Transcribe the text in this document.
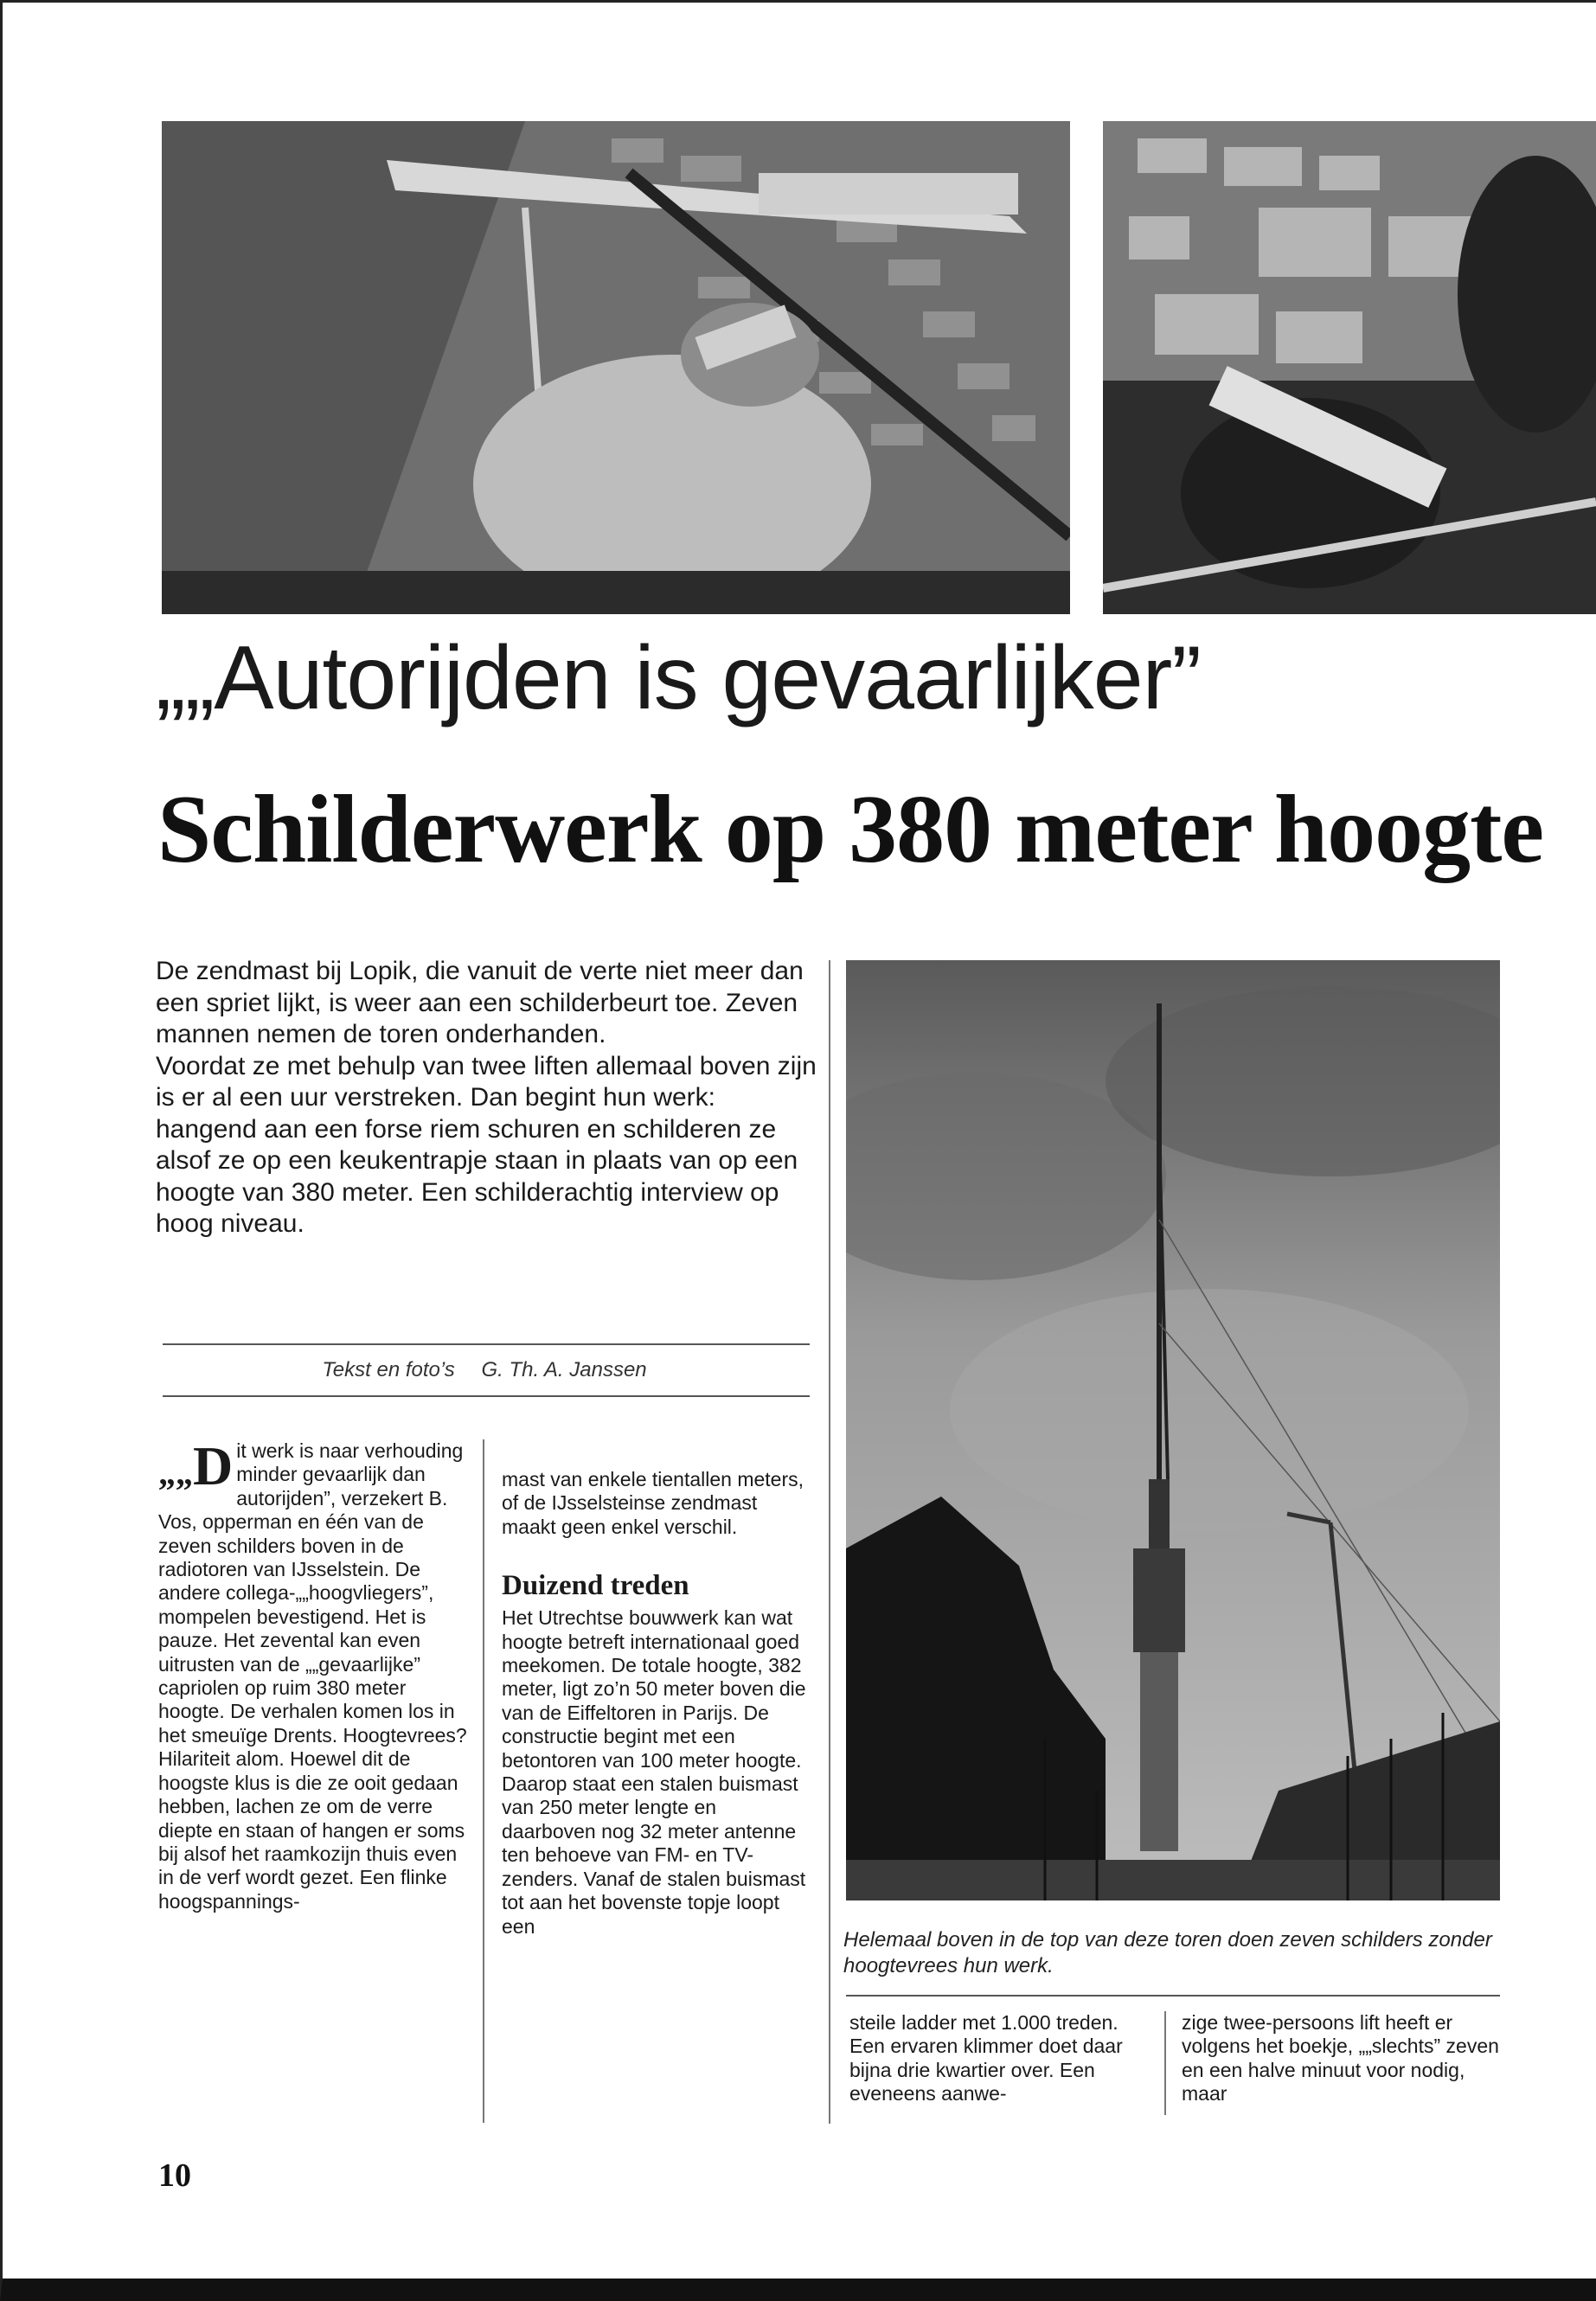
„„Autorijden is gevaarlijker”
Schilderwerk op 380 meter hoogte

De zendmast bij Lopik, die vanuit de verte niet meer dan een spriet lijkt, is weer aan een schilderbeurt toe. Zeven mannen nemen de toren onderhanden.

Voordat ze met behulp van twee liften allemaal boven zijn is er al een uur verstreken. Dan begint hun werk: hangend aan een forse riem schuren en schilderen ze alsof ze op een keukentrapje staan in plaats van op een hoogte van 380 meter. Een schilderachtig interview op hoog niveau.

Tekst en foto’s G. Th. A. Janssen

„„D it werk is naar verhouding minder gevaarlijk dan autorijden”, verzekert B. Vos, opperman en één van de zeven schilders boven in de radiotoren van IJsselstein. De andere collega-„„hoogvliegers”, mompelen bevestigend. Het is pauze. Het zevental kan even uitrusten van de „„gevaarlijke” capriolen op ruim 380 meter hoogte. De verhalen komen los in het smeuïge Drents. Hoogtevrees? Hilariteit alom. Hoewel dit de hoogste klus is die ze ooit gedaan hebben, lachen ze om de verre diepte en staan of hangen er soms bij alsof het raamkozijn thuis even in de verf wordt gezet. Een flinke hoogspannings-

mast van enkele tientallen meters, of de IJsselsteinse zendmast maakt geen enkel verschil.

Duizend treden

Het Utrechtse bouwwerk kan wat hoogte betreft internationaal goed meekomen. De totale hoogte, 382 meter, ligt zo’n 50 meter boven die van de Eiffeltoren in Parijs. De constructie begint met een betontoren van 100 meter hoogte. Daarop staat een stalen buismast van 250 meter lengte en daarboven nog 32 meter antenne ten behoeve van FM- en TV-zenders. Vanaf de stalen buismast tot aan het bovenste topje loopt een

Helemaal boven in de top van deze toren doen zeven schilders zonder hoogtevrees hun werk.

steile ladder met 1.000 treden. Een ervaren klimmer doet daar bijna drie kwartier over. Een eveneens aanwe-

zige twee-persoons lift heeft er volgens het boekje, „„slechts” zeven en een halve minuut voor nodig, maar

10
